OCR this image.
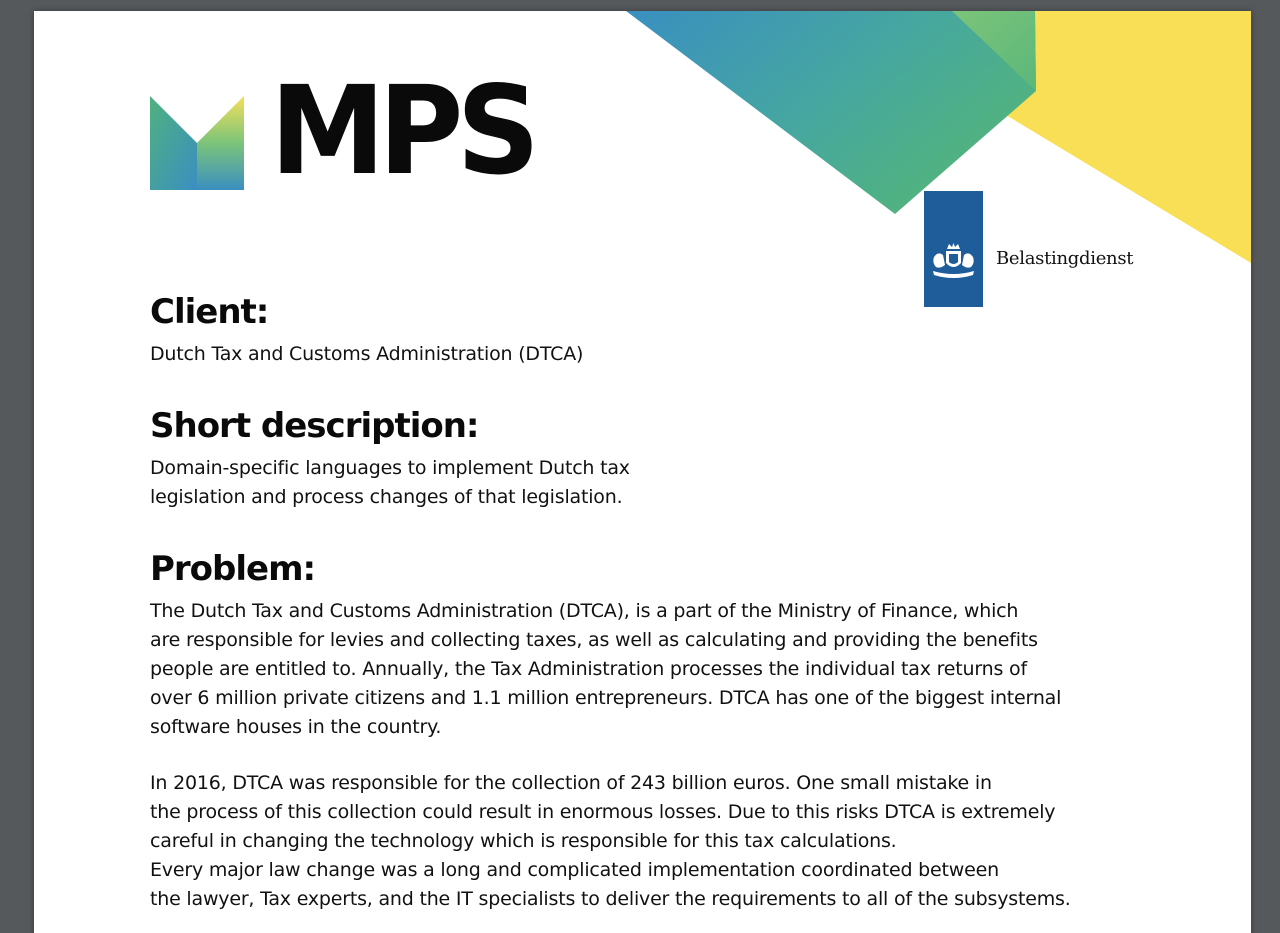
MPS
Belastingdienst
Client:

Dutch Tax and Customs Administration (DTCA)

Short description:

Domain-specific languages to implement Dutch tax
legislation and process changes of that legislation.

Problem:

The Dutch Tax and Customs Administration (DTCA), is a part of the Ministry of Finance, which
are responsible for levies and collecting taxes, as well as calculating and providing the benefits
people are entitled to. Annually, the Tax Administration processes the individual tax returns of
over 6 million private citizens and 1.1 million entrepreneurs. DTCA has one of the biggest internal
software houses in the country.

In 2016, DTCA was responsible for the collection of 243 billion euros. One small mistake in
the process of this collection could result in enormous losses. Due to this risks DTCA is extremely
careful in changing the technology which is responsible for this tax calculations.
Every major law change was a long and complicated implementation coordinated between
the lawyer, Tax experts, and the IT specialists to deliver the requirements to all of the subsystems.
